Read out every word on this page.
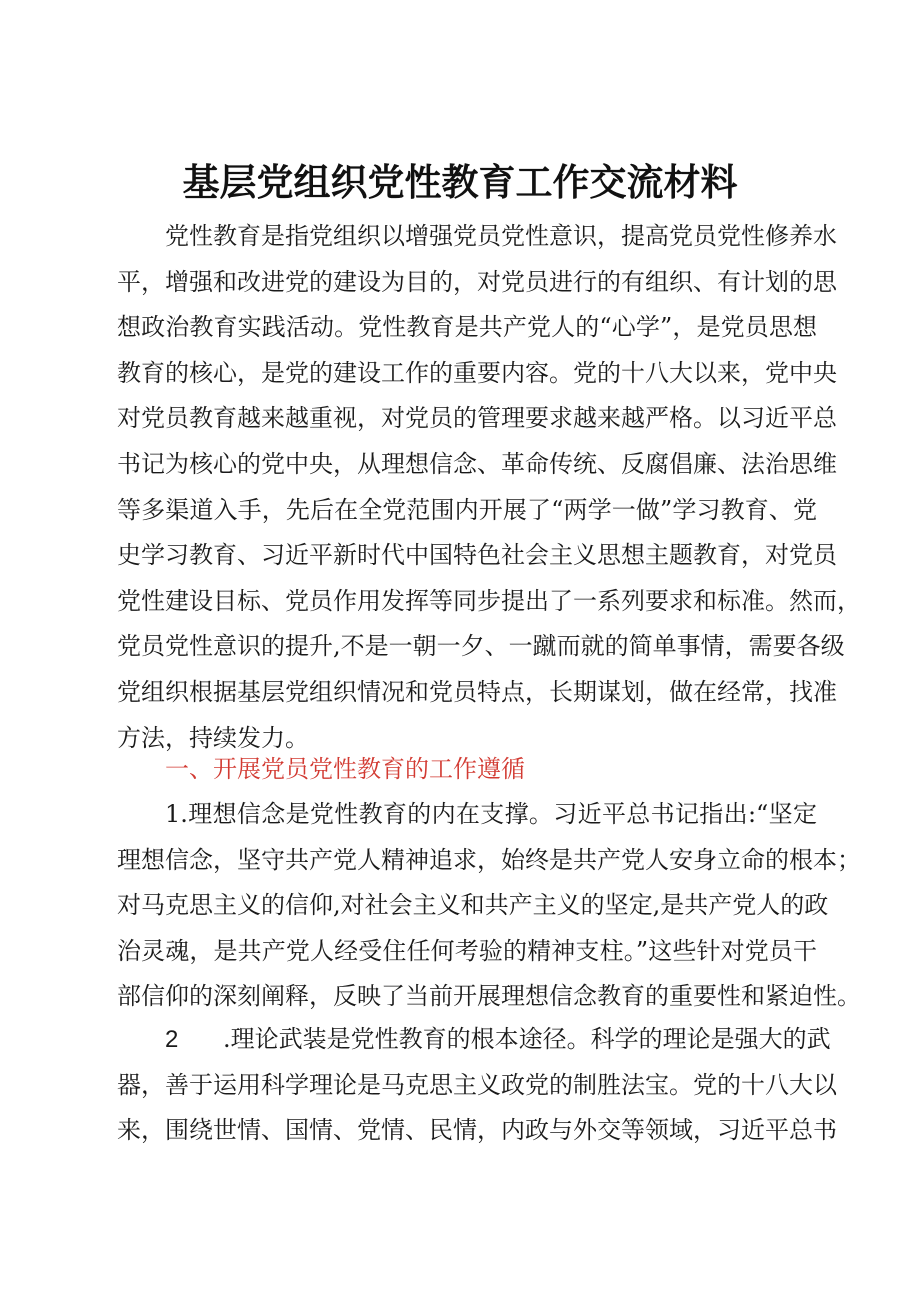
基层党组织党性教育工作交流材料
党性教育是指党组织以增强党员党性意识，提高党员党性修养水
平，增强和改进党的建设为目的，对党员进行的有组织、有计划的思
想政治教育实践活动。党性教育是共产党人的“心学”，是党员思想
教育的核心，是党的建设工作的重要内容。党的十八大以来，党中央
对党员教育越来越重视，对党员的管理要求越来越严格。以习近平总
书记为核心的党中央，从理想信念、革命传统、反腐倡廉、法治思维
等多渠道入手，先后在全党范围内开展了“两学一做”学习教育、党
史学习教育、习近平新时代中国特色社会主义思想主题教育，对党员
党性建设目标、党员作用发挥等同步提出了一系列要求和标准。然而，
党员党性意识的提升,不是一朝一夕、一蹴而就的简单事情，需要各级
党组织根据基层党组织情况和党员特点，长期谋划，做在经常，找准
方法，持续发力。
一、开展党员党性教育的工作遵循
1.理想信念是党性教育的内在支撑。习近平总书记指出:“坚定
理想信念，坚守共产党人精神追求，始终是共产党人安身立命的根本；
对马克思主义的信仰,对社会主义和共产主义的坚定,是共产党人的政
治灵魂，是共产党人经受住任何考验的精神支柱。”这些针对党员干
部信仰的深刻阐释，反映了当前开展理想信念教育的重要性和紧迫性。
2 .理论武装是党性教育的根本途径。科学的理论是强大的武
器，善于运用科学理论是马克思主义政党的制胜法宝。党的十八大以
来，围绕世情、国情、党情、民情，内政与外交等领域，习近平总书
